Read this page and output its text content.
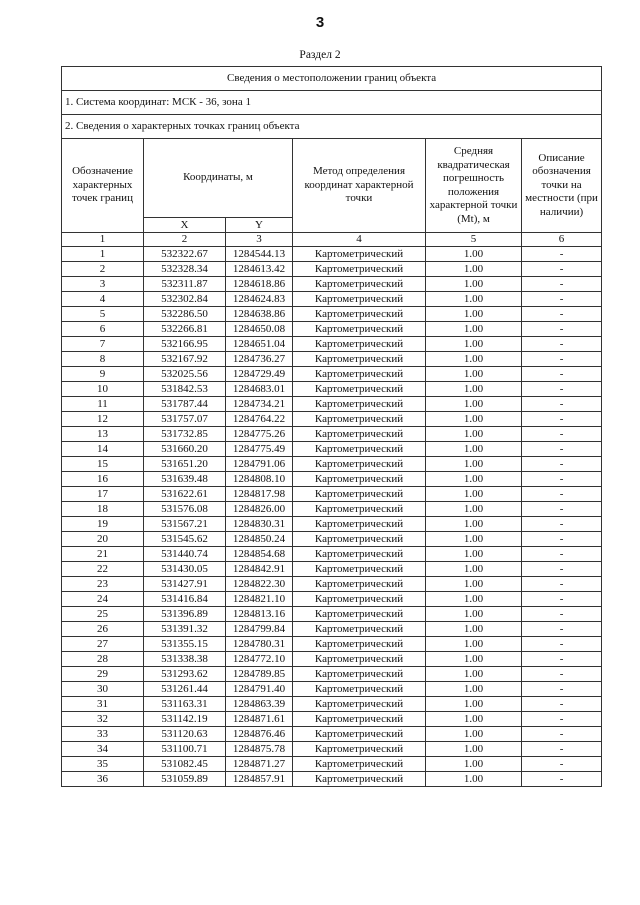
3
Раздел 2
Сведения о местоположении границ объекта					
1. Система координат: МСК - 36, зона 1					
2. Сведения о характерных точках границ объекта					
Обозначение характерных точек границ	Координаты, м		Метод определения координат характерной точки	Средняя квадратическая погрешность положения характерной точки (Mt), м	Описание обозначения точки на местности (при наличии)
	X	Y			
1	2	3	4	5	6
1	532322.67	1284544.13	Картометрический	1.00	-
2	532328.34	1284613.42	Картометрический	1.00	-
3	532311.87	1284618.86	Картометрический	1.00	-
4	532302.84	1284624.83	Картометрический	1.00	-
5	532286.50	1284638.86	Картометрический	1.00	-
6	532266.81	1284650.08	Картометрический	1.00	-
7	532166.95	1284651.04	Картометрический	1.00	-
8	532167.92	1284736.27	Картометрический	1.00	-
9	532025.56	1284729.49	Картометрический	1.00	-
10	531842.53	1284683.01	Картометрический	1.00	-
11	531787.44	1284734.21	Картометрический	1.00	-
12	531757.07	1284764.22	Картометрический	1.00	-
13	531732.85	1284775.26	Картометрический	1.00	-
14	531660.20	1284775.49	Картометрический	1.00	-
15	531651.20	1284791.06	Картометрический	1.00	-
16	531639.48	1284808.10	Картометрический	1.00	-
17	531622.61	1284817.98	Картометрический	1.00	-
18	531576.08	1284826.00	Картометрический	1.00	-
19	531567.21	1284830.31	Картометрический	1.00	-
20	531545.62	1284850.24	Картометрический	1.00	-
21	531440.74	1284854.68	Картометрический	1.00	-
22	531430.05	1284842.91	Картометрический	1.00	-
23	531427.91	1284822.30	Картометрический	1.00	-
24	531416.84	1284821.10	Картометрический	1.00	-
25	531396.89	1284813.16	Картометрический	1.00	-
26	531391.32	1284799.84	Картометрический	1.00	-
27	531355.15	1284780.31	Картометрический	1.00	-
28	531338.38	1284772.10	Картометрический	1.00	-
29	531293.62	1284789.85	Картометрический	1.00	-
30	531261.44	1284791.40	Картометрический	1.00	-
31	531163.31	1284863.39	Картометрический	1.00	-
32	531142.19	1284871.61	Картометрический	1.00	-
33	531120.63	1284876.46	Картометрический	1.00	-
34	531100.71	1284875.78	Картометрический	1.00	-
35	531082.45	1284871.27	Картометрический	1.00	-
36	531059.89	1284857.91	Картометрический	1.00	-
